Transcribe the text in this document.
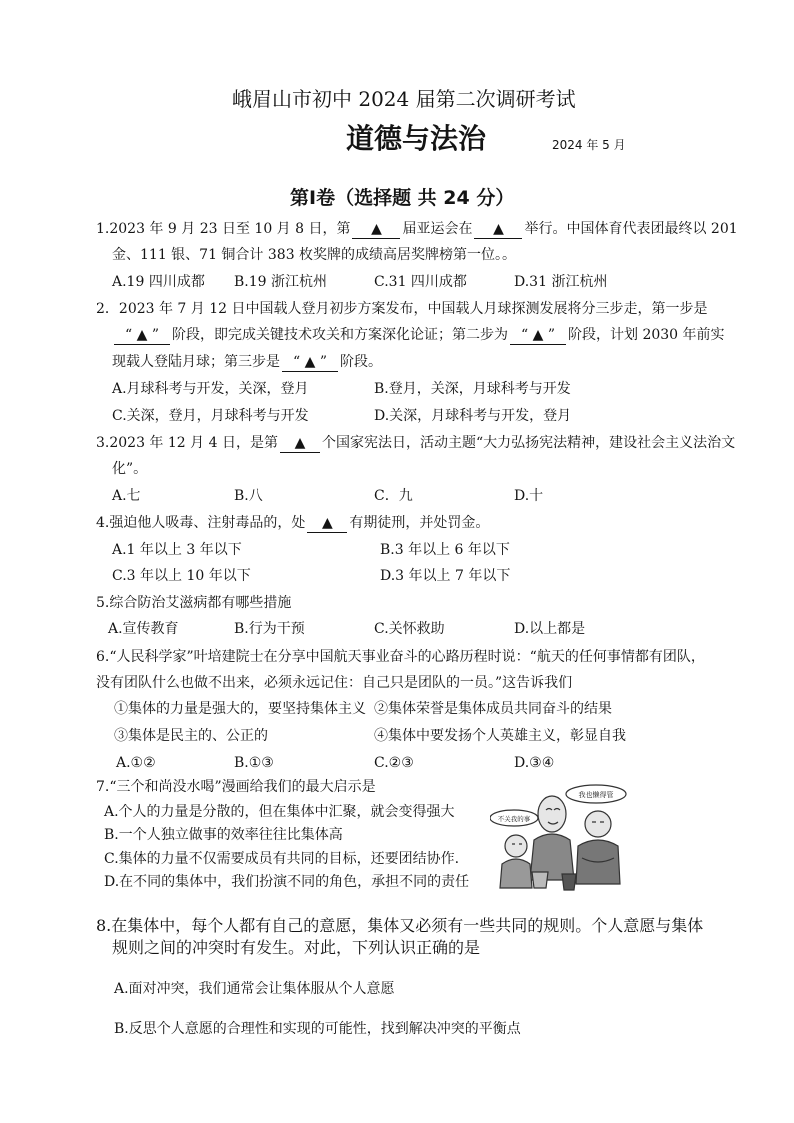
峨眉山市初中 2024 届第二次调研考试
道德与法治	2024 年 5 月
第Ⅰ卷（选择题 共 24 分）
1.2023 年 9 月 23 日至 10 月 8 日，第 ▲ 届亚运会在 ▲ 举行。中国体育代表团最终以 201
金、111 银、71 铜合计 383 枚奖牌的成绩高居奖牌榜第一位。。
A.19 四川成都 B.19 浙江杭州	C.31 四川成都	D.31 浙江杭州
2．2023 年 7 月 12 日中国载人登月初步方案发布，中国载人月球探测发展将分三步走，第一步是
“ ▲ ” 阶段，即完成关键技术攻关和方案深化论证；第二步为 “ ▲ ” 阶段，计划 2030 年前实
现载人登陆月球；第三步是 “ ▲ ” 阶段。
A.月球科考与开发，关深，登月	B.登月，关深，月球科考与开发
C.关深，登月，月球科考与开发	D.关深，月球科考与开发，登月
3.2023 年 12 月 4 日，是第 ▲ 个国家宪法日，活动主题“大力弘扬宪法精神，建设社会主义法治文
化”。
A.七	B.八	C．九	D.十
4.强迫他人吸毒、注射毒品的，处 ▲ 有期徒刑，并处罚金。
A.1 年以上 3 年以下	B.3 年以上 6 年以下
C.3 年以上 10 年以下	D.3 年以上 7 年以下
5.综合防治艾滋病都有哪些措施
A.宣传教育	B.行为干预	C.关怀救助	D.以上都是
6.“人民科学家”叶培建院士在分享中国航天事业奋斗的心路历程时说：“航天的任何事情都有团队，
没有团队什么也做不出来，必须永远记住：自己只是团队的一员。”这告诉我们
①集体的力量是强大的，要坚持集体主义 ②集体荣誉是集体成员共同奋斗的结果
③集体是民主的、公正的	④集体中要发扬个人英雄主义，彰显自我
A.①②	B.①③	C.②③	D.③④
7.“三个和尚没水喝”漫画给我们的最大启示是
A.个人的力量是分散的，但在集体中汇聚，就会变得强大
B.一个人独立做事的效率往往比集体高
C.集体的力量不仅需要成员有共同的目标，还要团结协作.
D.在不同的集体中，我们扮演不同的角色，承担不同的责任
我也懒得管
不关我的事
8.在集体中，每个人都有自己的意愿，集体又必须有一些共同的规则。个人意愿与集体
规则之间的冲突时有发生。对此，下列认识正确的是
A.面对冲突，我们通常会让集体服从个人意愿
B.反思个人意愿的合理性和实现的可能性，找到解决冲突的平衡点
